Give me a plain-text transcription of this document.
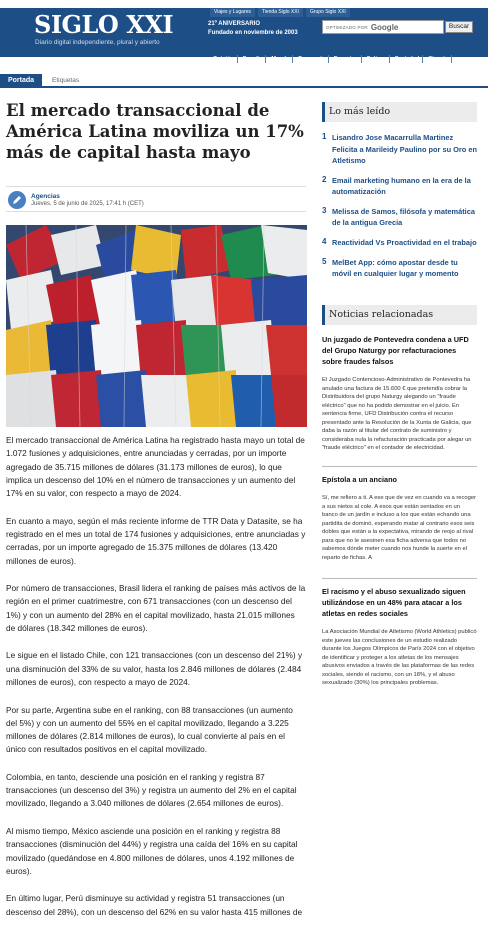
Viajes y Lugares	Tienda Siglo XXI	Grupo Siglo XXI
SIGLO XXI
Diario digital independiente, plural y abierto
21º ANIVERSARIO
Fundado en noviembre de 2003
OPTIMIZADO POR Google	Buscar
Opinión	España	Mundo	Economía	Deportes	Cultura	Sociedad	Ciencia
Portada	Etiquetas
El mercado transaccional de América Latina moviliza un 17% más de capital hasta mayo
Agencias
Jueves, 5 de junio de 2025, 17:41 h (CET)

El mercado transaccional de América Latina ha registrado hasta mayo un total de 1.072 fusiones y adquisiciones, entre anunciadas y cerradas, por un importe agregado de 35.715 millones de dólares (31.173 millones de euros), lo que implica un descenso del 10% en el número de transacciones y un aumento del 17% en su valor, con respecto a mayo de 2024.

En cuanto a mayo, según el más reciente informe de TTR Data y Datasite, se ha registrado en el mes un total de 174 fusiones y adquisiciones, entre anunciadas y cerradas, por un importe agregado de 15.375 millones de dólares (13.420 millones de euros).

Por número de transacciones, Brasil lidera el ranking de países más activos de la región en el primer cuatrimestre, con 671 transacciones (con un descenso del 1%) y con un aumento del 28% en el capital movilizado, hasta 21.015 millones de dólares (18.342 millones de euros).

Le sigue en el listado Chile, con 121 transacciones (con un descenso del 21%) y una disminución del 33% de su valor, hasta los 2.846 millones de dólares (2.484 millones de euros), con respecto a mayo de 2024.

Por su parte, Argentina sube en el ranking, con 88 transacciones (un aumento del 5%) y con un aumento del 55% en el capital movilizado, llegando a 3.225 millones de dólares (2.814 millones de euros), lo cual convierte al país en el único con resultados positivos en el capital movilizado.

Colombia, en tanto, desciende una posición en el ranking y registra 87 transacciones (un descenso del 3%) y registra un aumento del 2% en el capital movilizado, llegando a 3.040 millones de dólares (2.654 millones de euros).

Al mismo tiempo, México asciende una posición en el ranking y registra 88 transacciones (disminución del 44%) y registra una caída del 16% en su capital movilizado (quedándose en 4.800 millones de dólares, unos 4.192 millones de euros).

En último lugar, Perú disminuye su actividad y registra 51 transacciones (un descenso del 28%), con un descenso del 62% en su valor hasta 415 millones de

Lo más leído
1 Lisandro Jose Macarrulla Martinez Felicita a Marileidy Paulino por su Oro en Atletismo
2 Email marketing humano en la era de la automatización
3 Melissa de Samos, filósofa y matemática de la antigua Grecia
4 Reactividad Vs Proactividad en el trabajo
5 MelBet App: cómo apostar desde tu móvil en cualquier lugar y momento
Noticias relacionadas
Un juzgado de Pontevedra condena a UFD del Grupo Naturgy por refacturaciones sobre fraudes falsos
El Juzgado Contencioso-Administrativo de Pontevedra ha anulado una factura de 15.600 € que pretendía cobrar la Distribuidora del grupo Naturgy alegando un "fraude eléctrico" que no ha podido demostrar en el juicio. En sentencia firme, UFD Distribución contra el recurso presentado ante la Resolución de la Xunta de Galicia, que daba la razón al titular del contrato de suministro y consideraba nula la refacturación practicada por alegar un "fraude eléctrico" en el contador de electricidad.
Epístola a un anciano
Sí, me refiero a ti. A ese que de vez en cuando va a recoger a sus nietos al cole. A esos que están sentados en un banco de un jardín e incluso a los que están echando una partidita de dominó, esperando matar al contrario esos seis dobles que están a la expectativa, mirando de reojo al rival para que no le asesinen esa ficha adversa que todos no sabemos dónde meter cuando nos hunde la suerte en el reparto de fichas. A
El racismo y el abuso sexualizado siguen utilizándose en un 48% para atacar a los atletas en redes sociales
La Asociación Mundial de Atletismo (World Athletics) publicó este jueves las conclusiones de un estudio realizado durante los Juegos Olímpicos de París 2024 con el objetivo de identificar y proteger a los atletas de los mensajes abusivos enviados a través de las plataformas de las redes sociales, siendo el racismo, con un 18%, y el abuso sexualizado (30%) los principales problemas.
